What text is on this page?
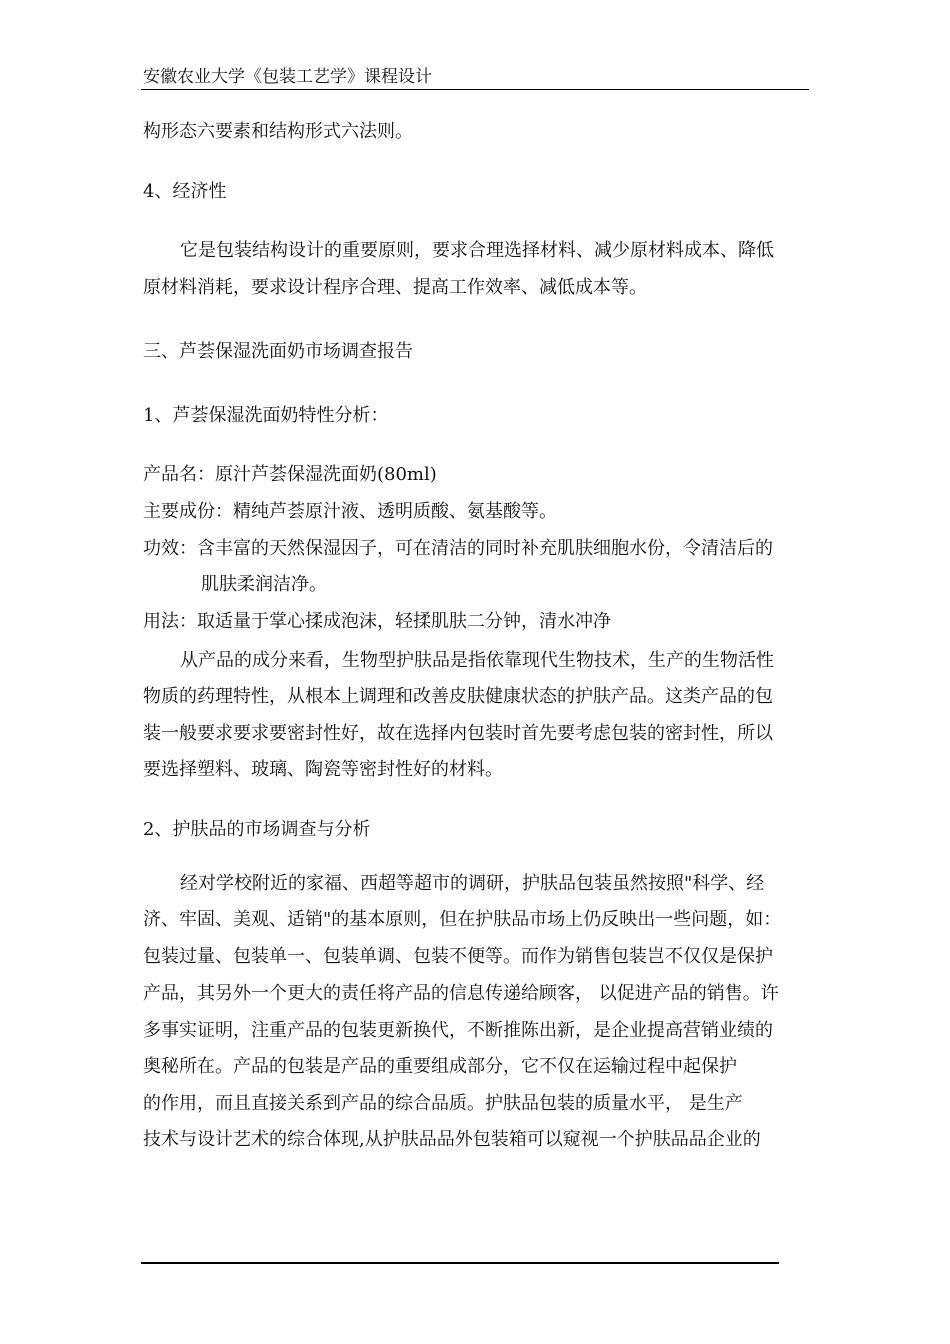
安徽农业大学《包装工艺学》课程设计
构形态六要素和结构形式六法则。
4、经济性
它是包装结构设计的重要原则，要求合理选择材料、减少原材料成本、降低
原材料消耗，要求设计程序合理、提高工作效率、减低成本等。
三、芦荟保湿洗面奶市场调查报告
1、芦荟保湿洗面奶特性分析：
产品名：原汁芦荟保湿洗面奶(80ml)
主要成份：精纯芦荟原汁液、透明质酸、氨基酸等。
功效：含丰富的天然保湿因子，可在清洁的同时补充肌肤细胞水份，令清洁后的
肌肤柔润洁净。
用法：取适量于掌心揉成泡沫，轻揉肌肤二分钟，清水冲净
从产品的成分来看，生物型护肤品是指依靠现代生物技术，生产的生物活性
物质的药理特性，从根本上调理和改善皮肤健康状态的护肤产品。这类产品的包
装一般要求要求要密封性好，故在选择内包装时首先要考虑包装的密封性，所以
要选择塑料、玻璃、陶瓷等密封性好的材料。
2、护肤品的市场调查与分析
经对学校附近的家福、西超等超市的调研，护肤品包装虽然按照"科学、经
济、牢固、美观、适销"的基本原则，但在护肤品市场上仍反映出一些问题，如：
包装过量、包装单一、包装单调、包装不便等。而作为销售包装岂不仅仅是保护
产品，其另外一个更大的责任将产品的信息传递给顾客， 以促进产品的销售。许
多事实证明，注重产品的包装更新换代，不断推陈出新，是企业提高营销业绩的
奥秘所在。产品的包装是产品的重要组成部分，它不仅在运输过程中起保护
的作用，而且直接关系到产品的综合品质。护肤品包装的质量水平， 是生产
技术与设计艺术的综合体现,从护肤品品外包装箱可以窥视一个护肤品品企业的
